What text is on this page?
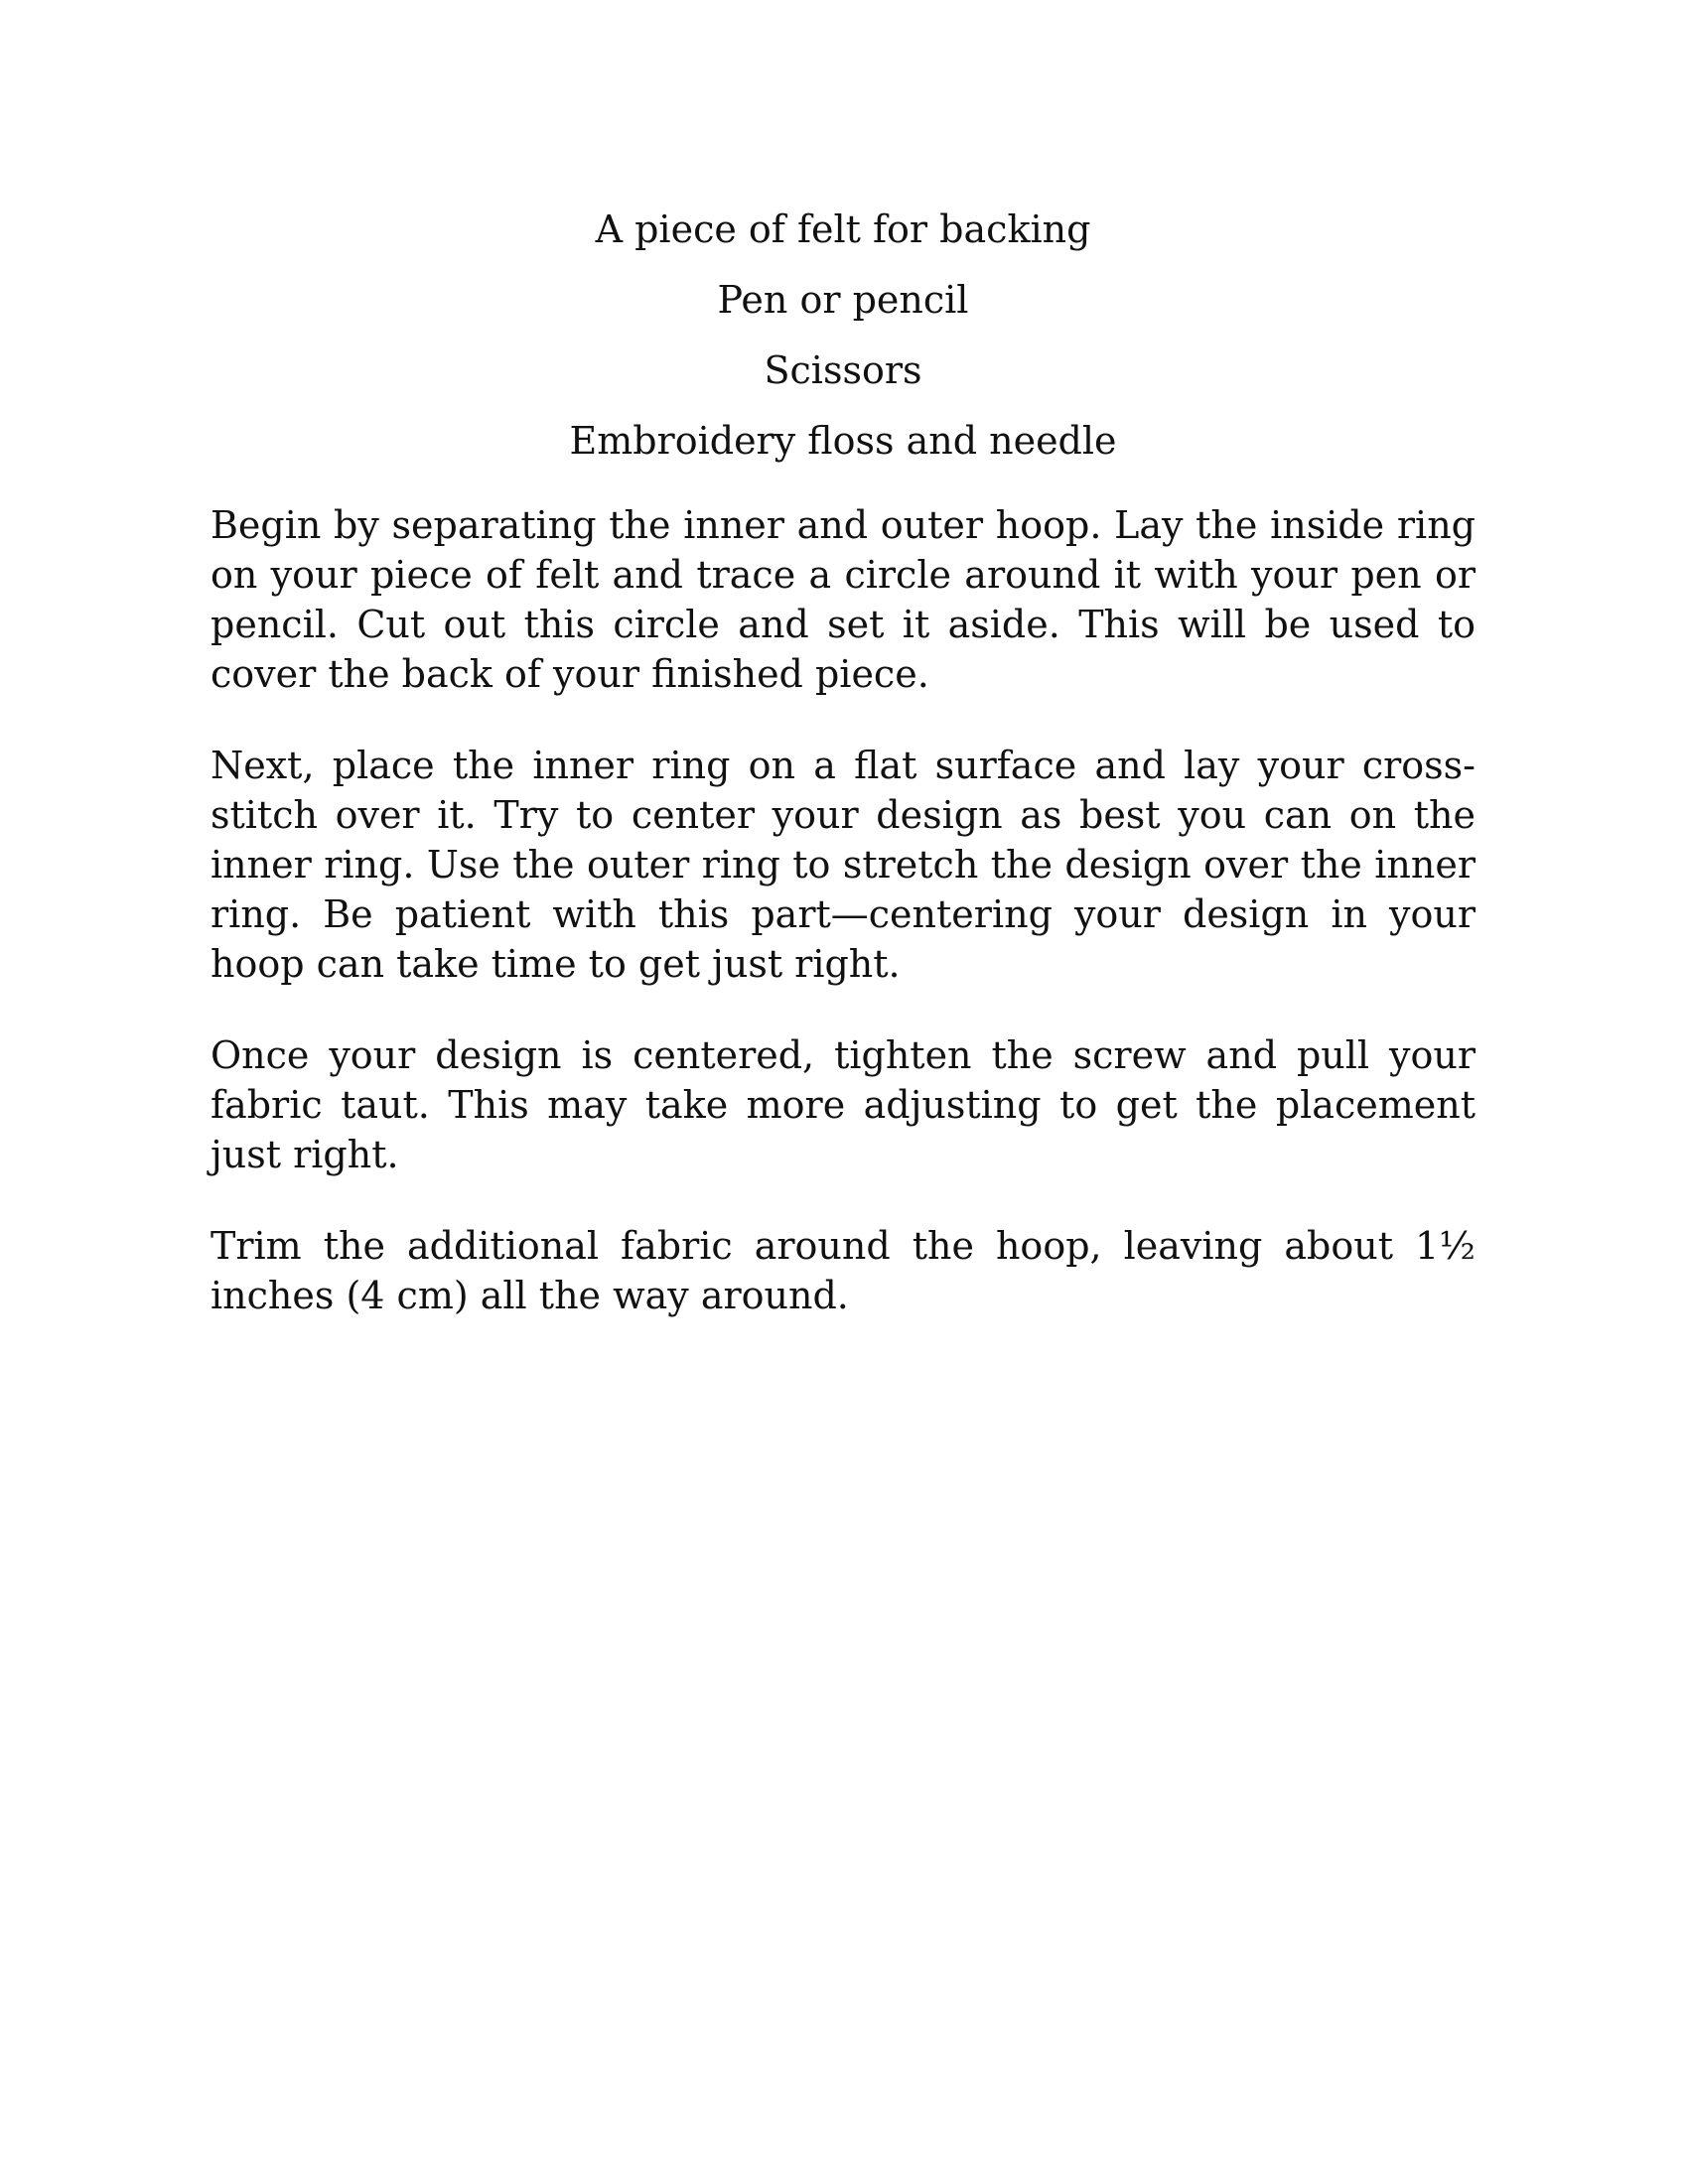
A piece of felt for backing
Pen or pencil
Scissors
Embroidery floss and needle

Begin by separating the inner and outer hoop. Lay the inside ring on your piece of felt and trace a circle around it with your pen or pencil. Cut out this circle and set it aside. This will be used to cover the back of your finished piece.

Next, place the inner ring on a flat surface and lay your cross-stitch over it. Try to center your design as best you can on the inner ring. Use the outer ring to stretch the design over the inner ring. Be patient with this part—centering your design in your hoop can take time to get just right.

Once your design is centered, tighten the screw and pull your fabric taut. This may take more adjusting to get the placement just right.

Trim the additional fabric around the hoop, leaving about 1½ inches (4 cm) all the way around.
